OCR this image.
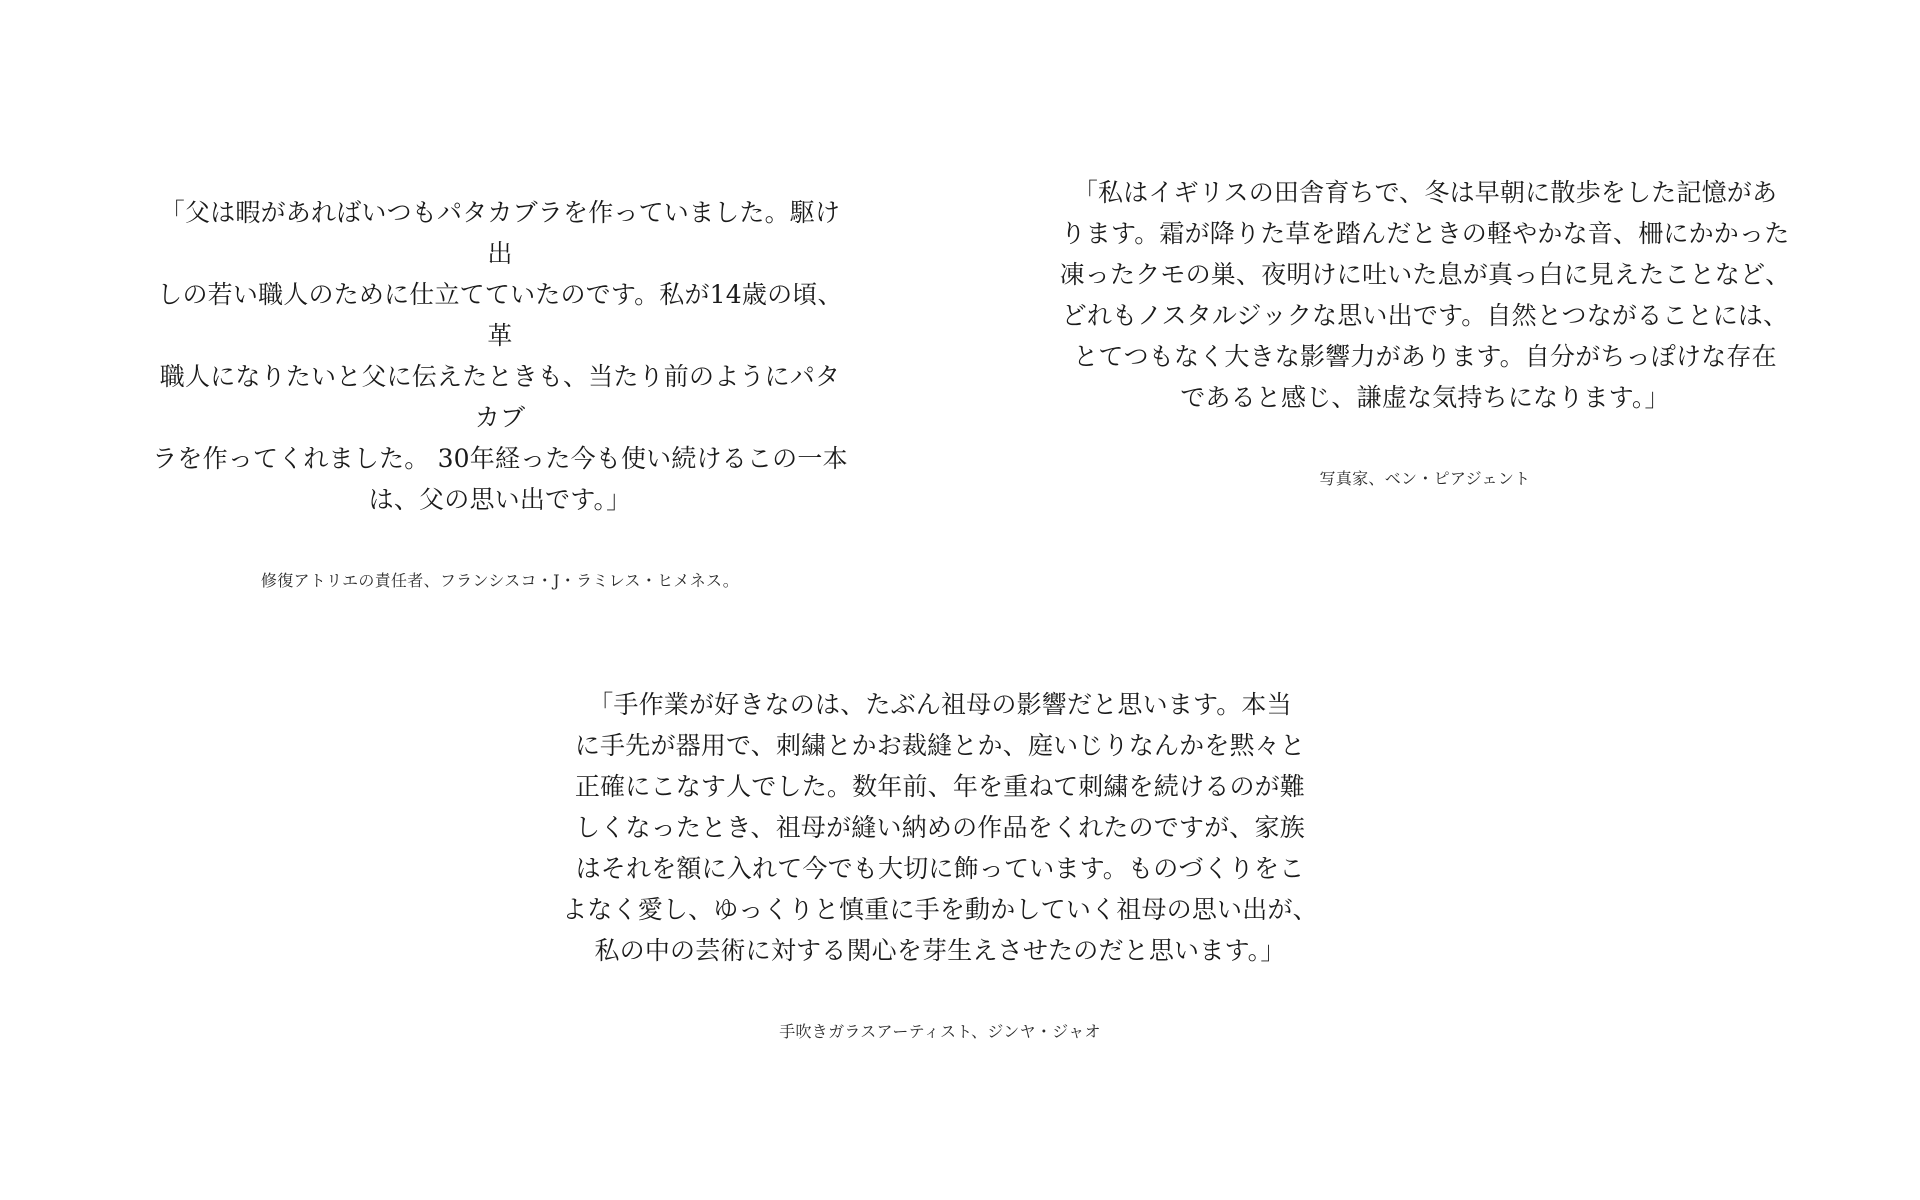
「父は暇があればいつもパタカブラを作っていました。駆け出
しの若い職人のために仕立てていたのです。私が14歳の頃、革
職人になりたいと父に伝えたときも、当たり前のようにパタカブ
ラを作ってくれました。 30年経った今も使い続けるこの一本
は、父の思い出です。」

修復アトリエの責任者、フランシスコ・J・ラミレス・ヒメネス。

「私はイギリスの田舎育ちで、冬は早朝に散歩をした記憶があ
ります。霜が降りた草を踏んだときの軽やかな音、柵にかかった
凍ったクモの巣、夜明けに吐いた息が真っ白に見えたことなど、
どれもノスタルジックな思い出です。自然とつながることには、
とてつもなく大きな影響力があります。自分がちっぽけな存在
であると感じ、謙虚な気持ちになります。」

写真家、ベン・ピアジェント

「手作業が好きなのは、たぶん祖母の影響だと思います。本当
に手先が器用で、刺繍とかお裁縫とか、庭いじりなんかを黙々と
正確にこなす人でした。数年前、年を重ねて刺繍を続けるのが難
しくなったとき、祖母が縫い納めの作品をくれたのですが、家族
はそれを額に入れて今でも大切に飾っています。ものづくりをこ
よなく愛し、ゆっくりと慎重に手を動かしていく祖母の思い出が、
私の中の芸術に対する関心を芽生えさせたのだと思います。」

手吹きガラスアーティスト、ジンヤ・ジャオ
